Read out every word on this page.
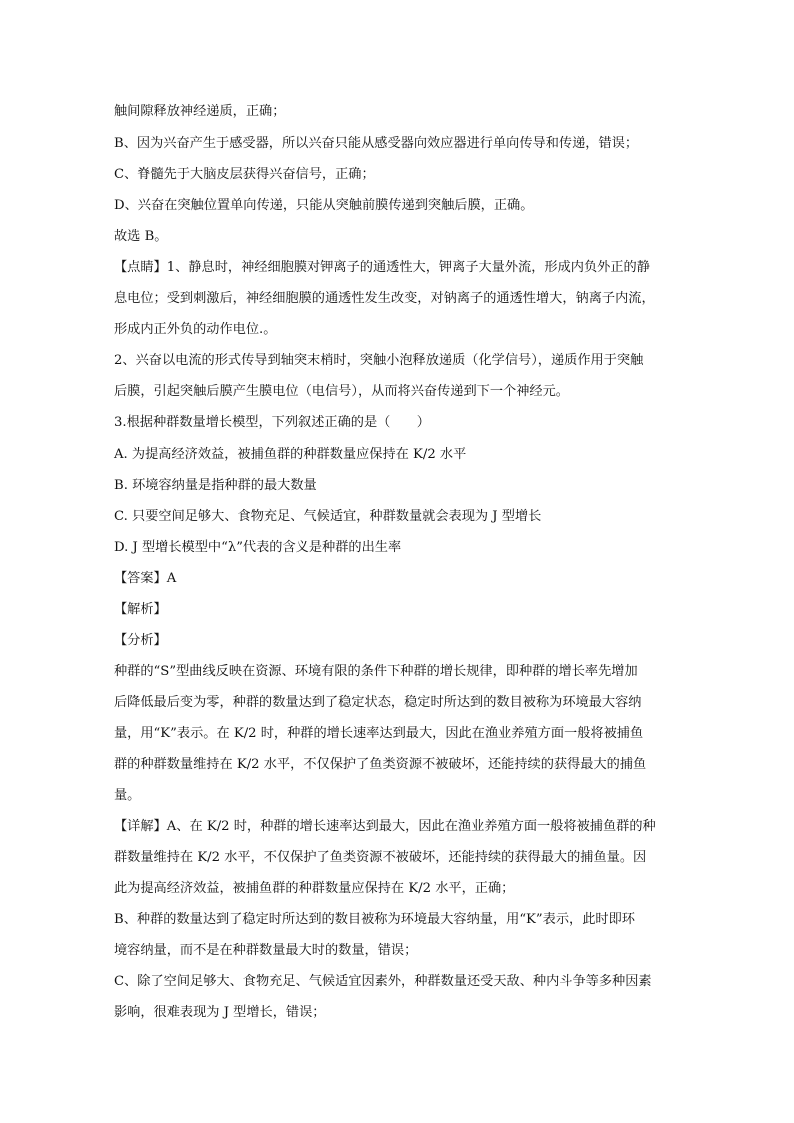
触间隙释放神经递质，正确；
B、因为兴奋产生于感受器，所以兴奋只能从感受器向效应器进行单向传导和传递，错误；
C、脊髓先于大脑皮层获得兴奋信号，正确；
D、兴奋在突触位置单向传递，只能从突触前膜传递到突触后膜，正确。
故选 B。
【点睛】1、静息时，神经细胞膜对钾离子的通透性大，钾离子大量外流，形成内负外正的静
息电位；受到刺激后，神经细胞膜的通透性发生改变，对钠离子的通透性增大，钠离子内流，
形成内正外负的动作电位.。
2、兴奋以电流的形式传导到轴突末梢时，突触小泡释放递质（化学信号），递质作用于突触
后膜，引起突触后膜产生膜电位（电信号），从而将兴奋传递到下一个神经元。
3.根据种群数量增长模型，下列叙述正确的是（　　）
A. 为提高经济效益，被捕鱼群的种群数量应保持在 K/2 水平
B. 环境容纳量是指种群的最大数量
C. 只要空间足够大、食物充足、气候适宜，种群数量就会表现为 J 型增长
D. J 型增长模型中“λ”代表的含义是种群的出生率
【答案】A
【解析】
【分析】
种群的“S”型曲线反映在资源、环境有限的条件下种群的增长规律，即种群的增长率先增加
后降低最后变为零，种群的数量达到了稳定状态，稳定时所达到的数目被称为环境最大容纳
量，用“K”表示。在 K/2 时，种群的增长速率达到最大，因此在渔业养殖方面一般将被捕鱼
群的种群数量维持在 K/2 水平，不仅保护了鱼类资源不被破坏，还能持续的获得最大的捕鱼
量。
【详解】A、在 K/2 时，种群的增长速率达到最大，因此在渔业养殖方面一般将被捕鱼群的种
群数量维持在 K/2 水平，不仅保护了鱼类资源不被破坏，还能持续的获得最大的捕鱼量。因
此为提高经济效益，被捕鱼群的种群数量应保持在 K/2 水平，正确；
B、种群的数量达到了稳定时所达到的数目被称为环境最大容纳量，用“K”表示，此时即环
境容纳量，而不是在种群数量最大时的数量，错误；
C、除了空间足够大、食物充足、气候适宜因素外，种群数量还受天敌、种内斗争等多种因素
影响，很难表现为 J 型增长，错误；
